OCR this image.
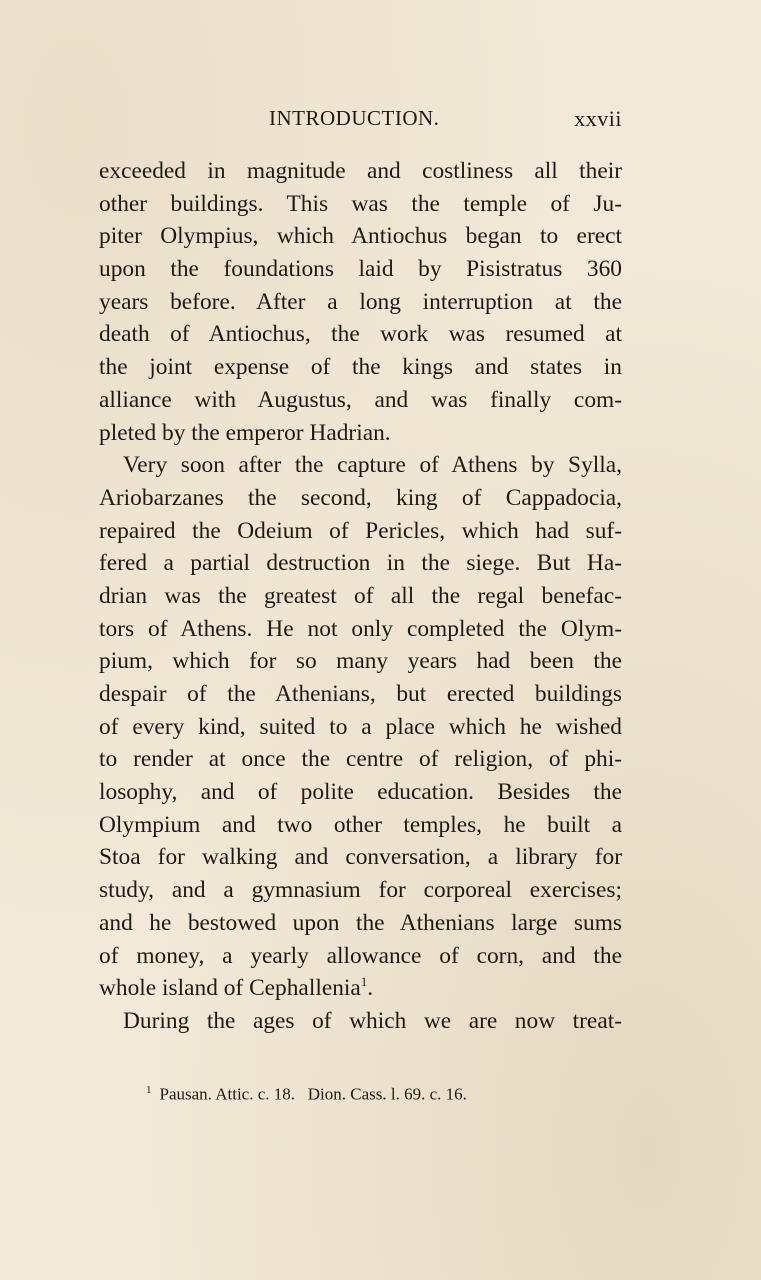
INTRODUCTION.	xxvii
exceeded in magnitude and costliness all their
other buildings. This was the temple of Ju-
piter Olympius, which Antiochus began to erect
upon the foundations laid by Pisistratus 360
years before. After a long interruption at the
death of Antiochus, the work was resumed at
the joint expense of the kings and states in
alliance with Augustus, and was finally com-
pleted by the emperor Hadrian.
Very soon after the capture of Athens by Sylla,
Ariobarzanes the second, king of Cappadocia,
repaired the Odeium of Pericles, which had suf-
fered a partial destruction in the siege. But Ha-
drian was the greatest of all the regal benefac-
tors of Athens. He not only completed the Olym-
pium, which for so many years had been the
despair of the Athenians, but erected buildings
of every kind, suited to a place which he wished
to render at once the centre of religion, of phi-
losophy, and of polite education. Besides the
Olympium and two other temples, he built a
Stoa for walking and conversation, a library for
study, and a gymnasium for corporeal exercises;
and he bestowed upon the Athenians large sums
of money, a yearly allowance of corn, and the
whole island of Cephallenia$^1$.
During the ages of which we are now treat-
$^1$ Pausan. Attic. c. 18.   Dion. Cass. l. 69. c. 16.
